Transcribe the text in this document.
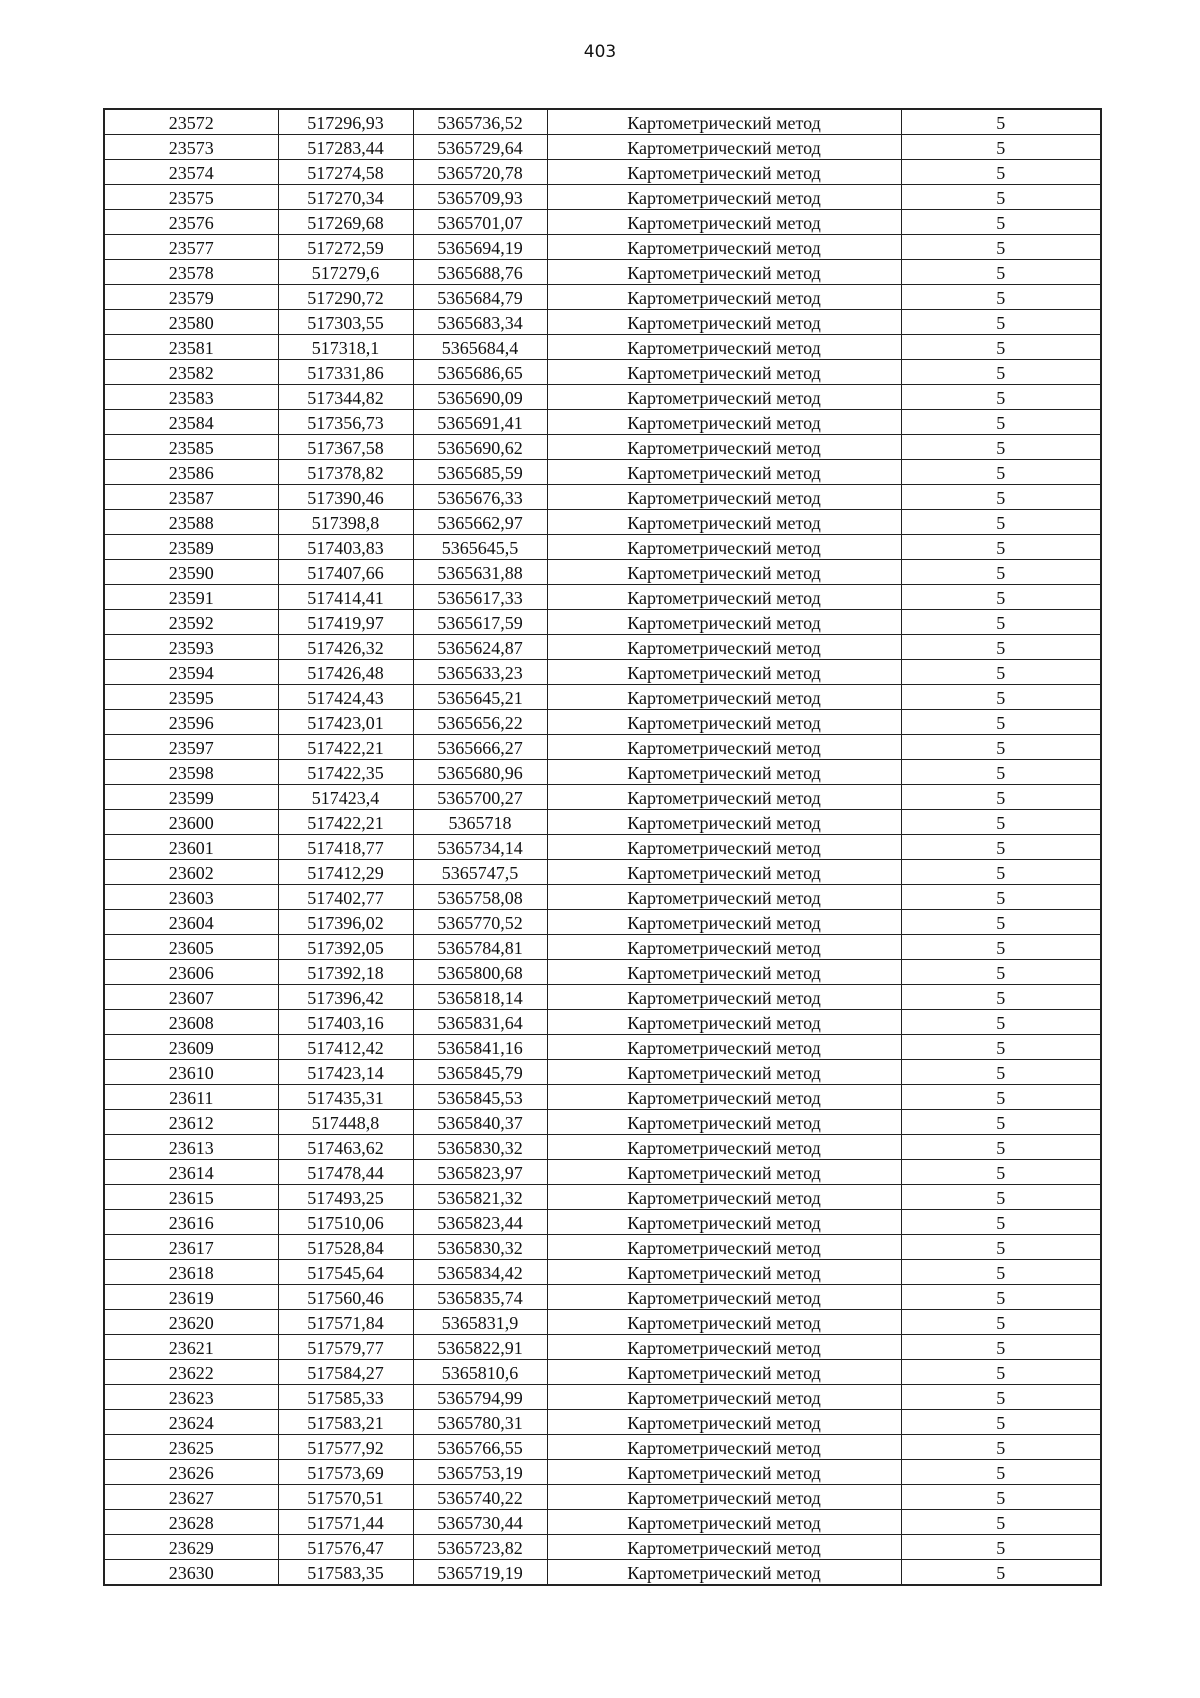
403
23572	517296,93	5365736,52	Картометрический метод	5
23573	517283,44	5365729,64	Картометрический метод	5
23574	517274,58	5365720,78	Картометрический метод	5
23575	517270,34	5365709,93	Картометрический метод	5
23576	517269,68	5365701,07	Картометрический метод	5
23577	517272,59	5365694,19	Картометрический метод	5
23578	517279,6	5365688,76	Картометрический метод	5
23579	517290,72	5365684,79	Картометрический метод	5
23580	517303,55	5365683,34	Картометрический метод	5
23581	517318,1	5365684,4	Картометрический метод	5
23582	517331,86	5365686,65	Картометрический метод	5
23583	517344,82	5365690,09	Картометрический метод	5
23584	517356,73	5365691,41	Картометрический метод	5
23585	517367,58	5365690,62	Картометрический метод	5
23586	517378,82	5365685,59	Картометрический метод	5
23587	517390,46	5365676,33	Картометрический метод	5
23588	517398,8	5365662,97	Картометрический метод	5
23589	517403,83	5365645,5	Картометрический метод	5
23590	517407,66	5365631,88	Картометрический метод	5
23591	517414,41	5365617,33	Картометрический метод	5
23592	517419,97	5365617,59	Картометрический метод	5
23593	517426,32	5365624,87	Картометрический метод	5
23594	517426,48	5365633,23	Картометрический метод	5
23595	517424,43	5365645,21	Картометрический метод	5
23596	517423,01	5365656,22	Картометрический метод	5
23597	517422,21	5365666,27	Картометрический метод	5
23598	517422,35	5365680,96	Картометрический метод	5
23599	517423,4	5365700,27	Картометрический метод	5
23600	517422,21	5365718	Картометрический метод	5
23601	517418,77	5365734,14	Картометрический метод	5
23602	517412,29	5365747,5	Картометрический метод	5
23603	517402,77	5365758,08	Картометрический метод	5
23604	517396,02	5365770,52	Картометрический метод	5
23605	517392,05	5365784,81	Картометрический метод	5
23606	517392,18	5365800,68	Картометрический метод	5
23607	517396,42	5365818,14	Картометрический метод	5
23608	517403,16	5365831,64	Картометрический метод	5
23609	517412,42	5365841,16	Картометрический метод	5
23610	517423,14	5365845,79	Картометрический метод	5
23611	517435,31	5365845,53	Картометрический метод	5
23612	517448,8	5365840,37	Картометрический метод	5
23613	517463,62	5365830,32	Картометрический метод	5
23614	517478,44	5365823,97	Картометрический метод	5
23615	517493,25	5365821,32	Картометрический метод	5
23616	517510,06	5365823,44	Картометрический метод	5
23617	517528,84	5365830,32	Картометрический метод	5
23618	517545,64	5365834,42	Картометрический метод	5
23619	517560,46	5365835,74	Картометрический метод	5
23620	517571,84	5365831,9	Картометрический метод	5
23621	517579,77	5365822,91	Картометрический метод	5
23622	517584,27	5365810,6	Картометрический метод	5
23623	517585,33	5365794,99	Картометрический метод	5
23624	517583,21	5365780,31	Картометрический метод	5
23625	517577,92	5365766,55	Картометрический метод	5
23626	517573,69	5365753,19	Картометрический метод	5
23627	517570,51	5365740,22	Картометрический метод	5
23628	517571,44	5365730,44	Картометрический метод	5
23629	517576,47	5365723,82	Картометрический метод	5
23630	517583,35	5365719,19	Картометрический метод	5
